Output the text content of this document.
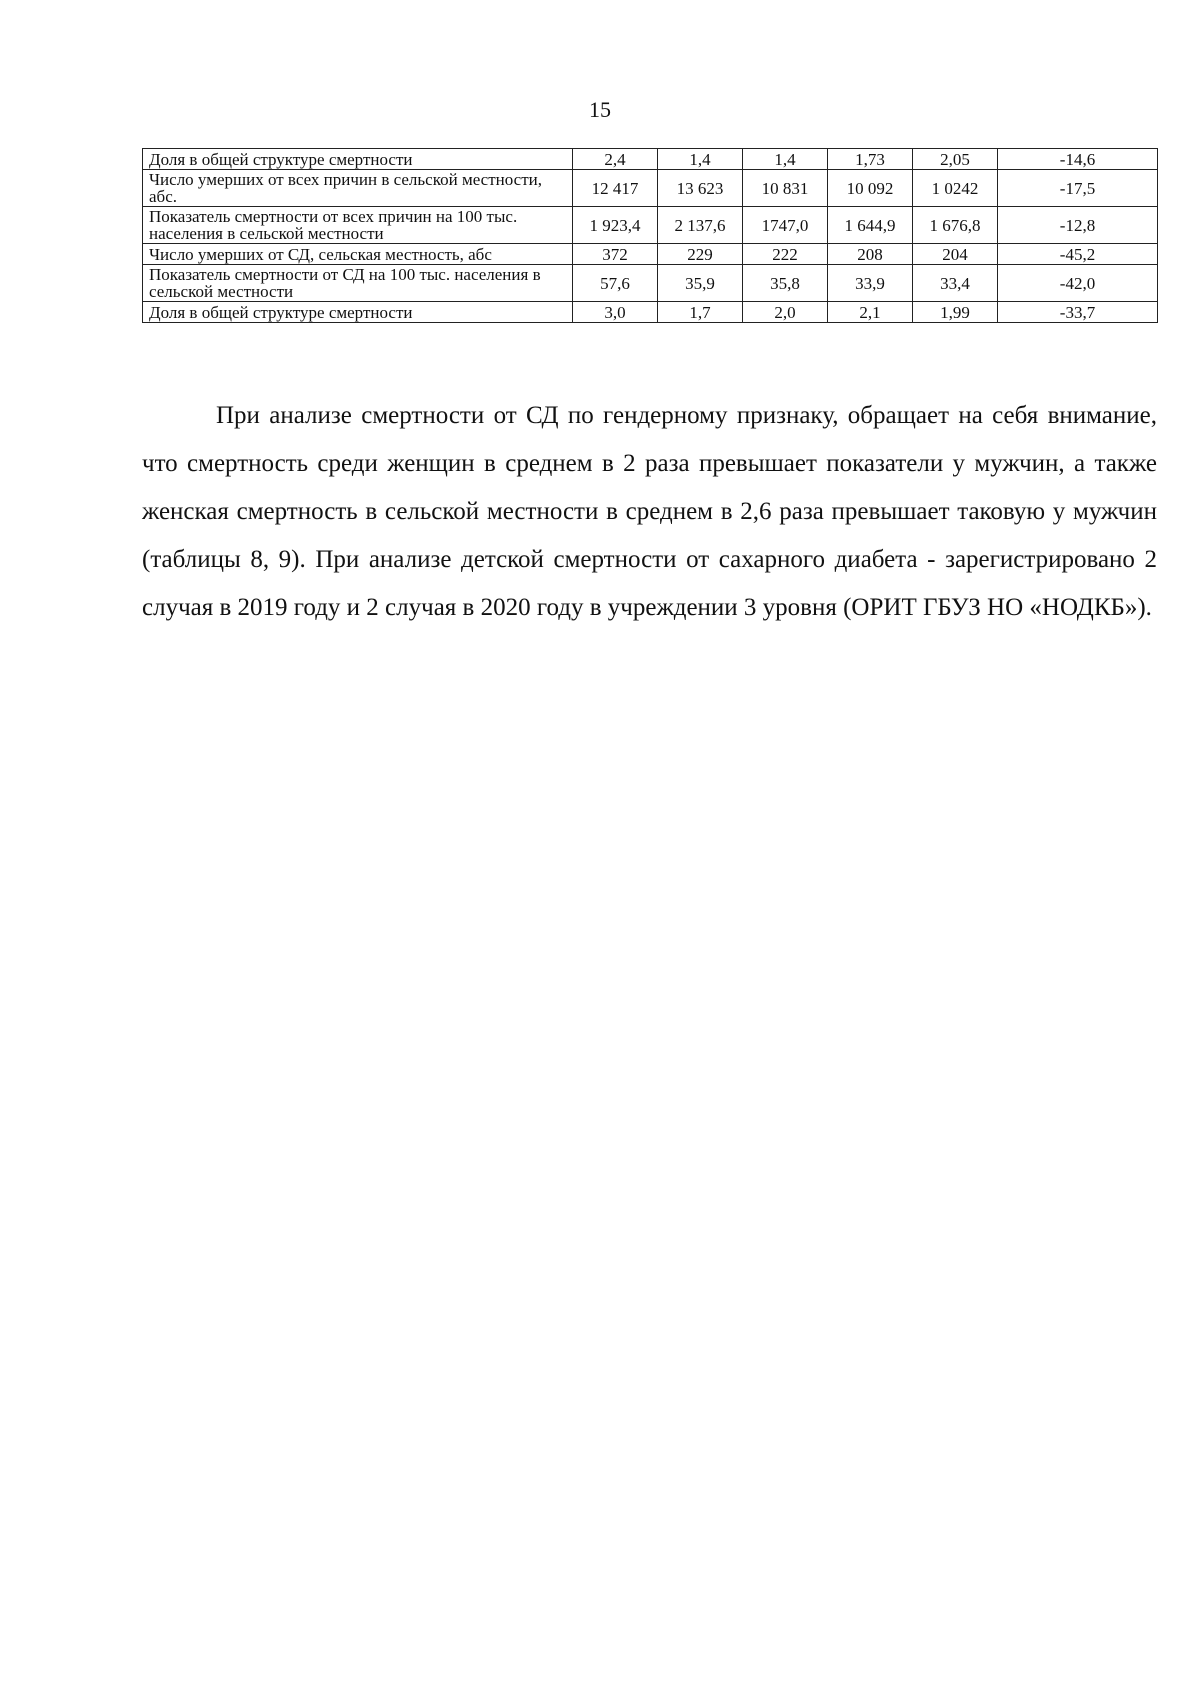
15
Доля в общей структуре смертности	2,4	1,4	1,4	1,73	2,05	-14,6
Число умерших от всех причин в сельской местности, абс.	12 417	13 623	10 831	10 092	1 0242	-17,5
Показатель смертности от всех причин на 100 тыс. населения в сельской местности	1 923,4	2 137,6	1747,0	1 644,9	1 676,8	-12,8
Число умерших от СД, сельская местность, абс	372	229	222	208	204	-45,2
Показатель смертности от СД на 100 тыс. населения в сельской местности	57,6	35,9	35,8	33,9	33,4	-42,0
Доля в общей структуре смертности	3,0	1,7	2,0	2,1	1,99	-33,7

При анализе смертности от СД по гендерному признаку, обращает на себя внимание, что смертность среди женщин в среднем в 2 раза превышает показатели у мужчин, а также женская смертность в сельской местности в среднем в 2,6 раза превышает таковую у мужчин (таблицы 8, 9). При анализе детской смертности от сахарного диабета - зарегистрировано 2 случая в 2019 году и 2 случая в 2020 году в учреждении 3 уровня (ОРИТ ГБУЗ НО «НОДКБ»).
